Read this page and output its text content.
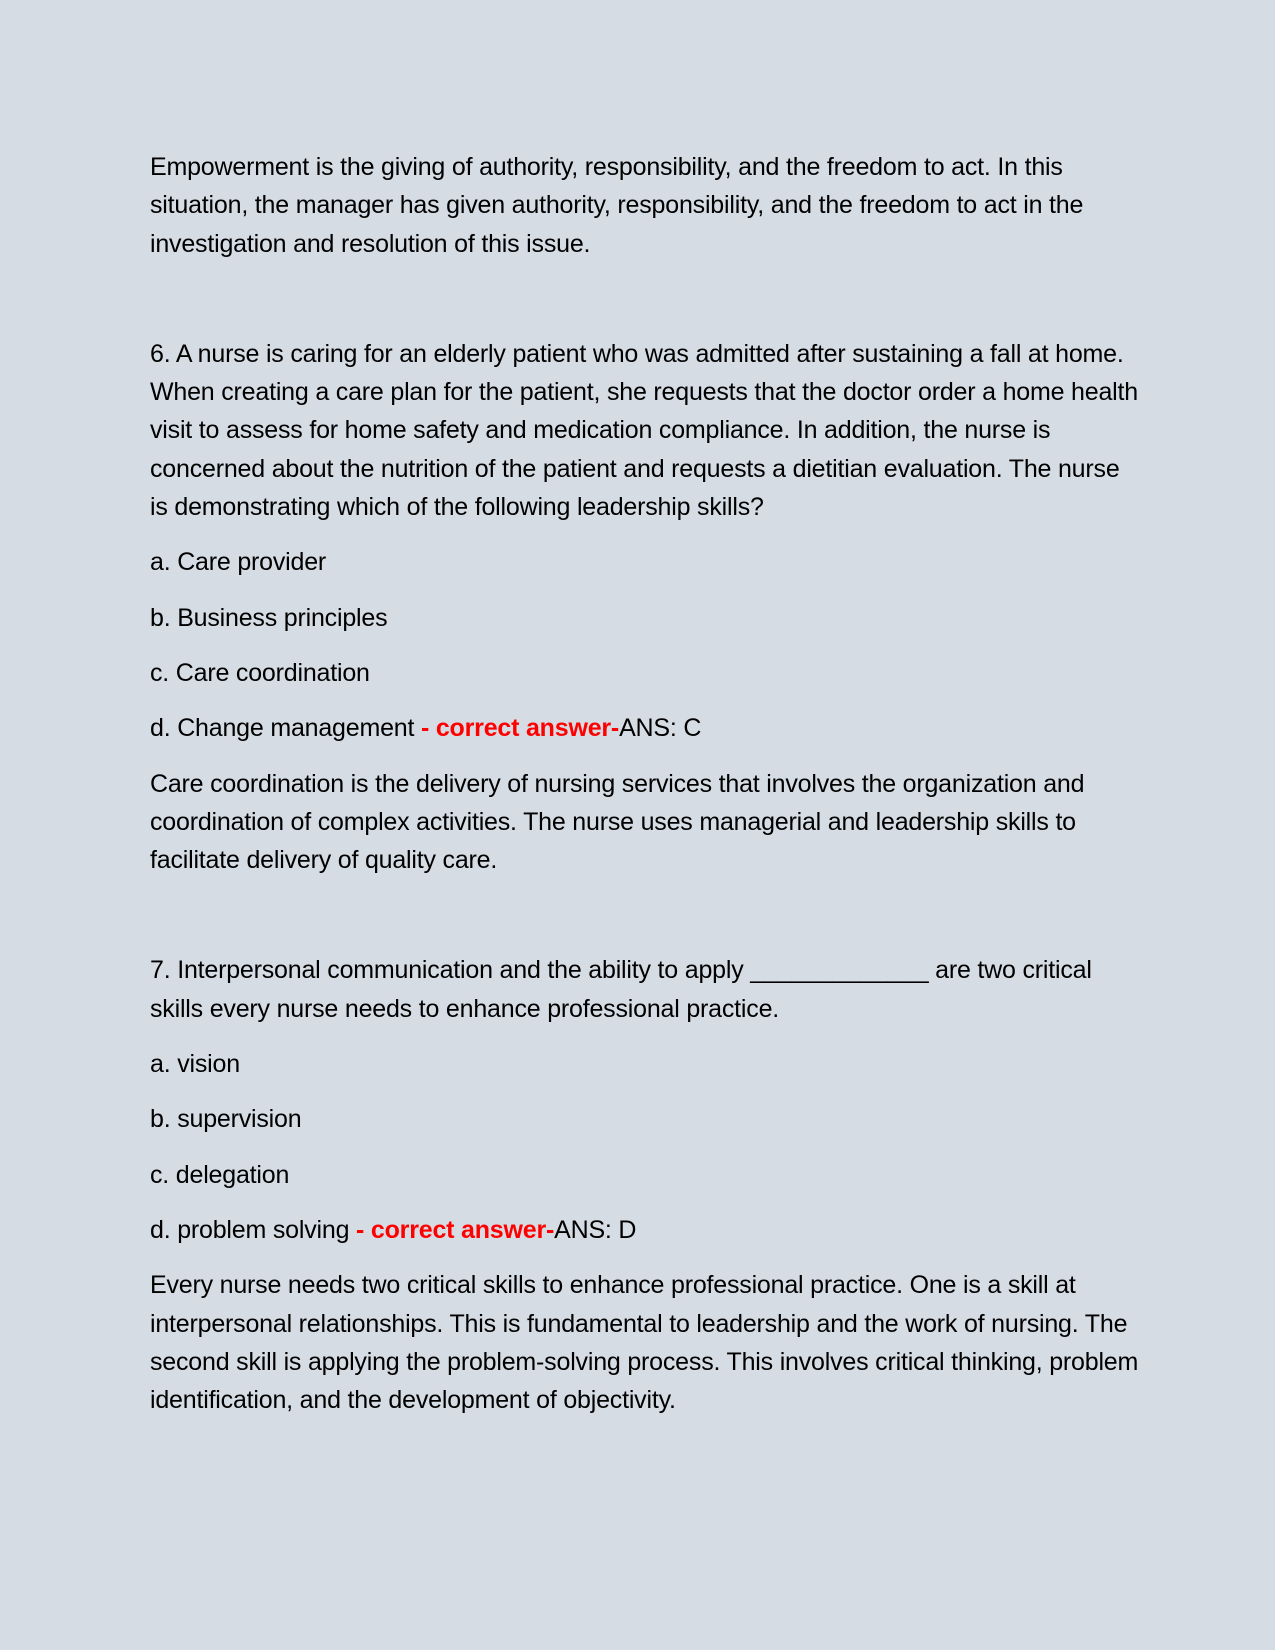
Empowerment is the giving of authority, responsibility, and the freedom to act. In this situation, the manager has given authority, responsibility, and the freedom to act in the investigation and resolution of this issue.

6. A nurse is caring for an elderly patient who was admitted after sustaining a fall at home. When creating a care plan for the patient, she requests that the doctor order a home health visit to assess for home safety and medication compliance. In addition, the nurse is concerned about the nutrition of the patient and requests a dietitian evaluation. The nurse is demonstrating which of the following leadership skills?

a. Care provider

b. Business principles

c. Care coordination

d. Change management - correct answer-ANS: C

Care coordination is the delivery of nursing services that involves the organization and coordination of complex activities. The nurse uses managerial and leadership skills to facilitate delivery of quality care.

7. Interpersonal communication and the ability to apply _____________ are two critical skills every nurse needs to enhance professional practice.

a. vision

b. supervision

c. delegation

d. problem solving - correct answer-ANS: D

Every nurse needs two critical skills to enhance professional practice. One is a skill at interpersonal relationships. This is fundamental to leadership and the work of nursing. The second skill is applying the problem-solving process. This involves critical thinking, problem identification, and the development of objectivity.
